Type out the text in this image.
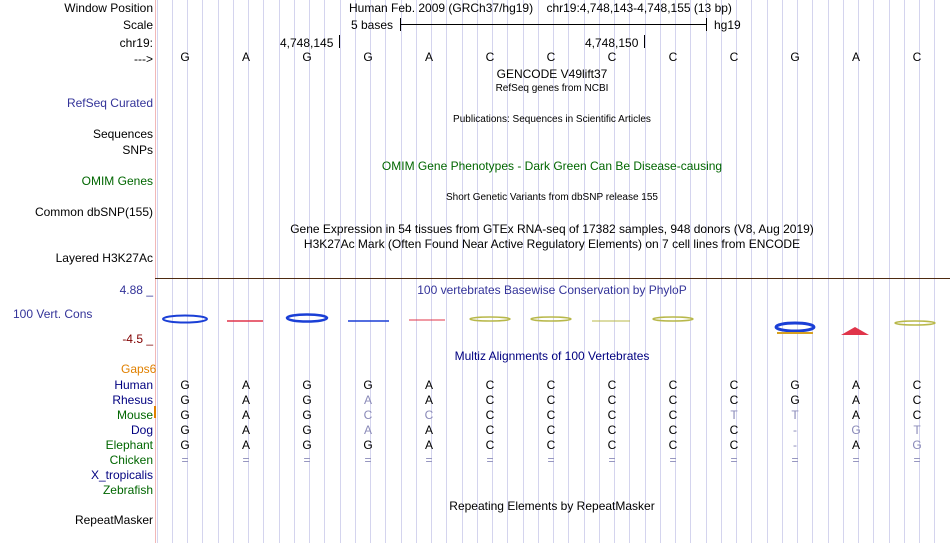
Window Position	Human Feb. 2009 (GRCh37/hg19)    chr19:4,748,143-4,748,155 (13 bp)
Scale	5 bases	hg19
chr19:	4,748,145	4,748,150
---> G	A	G	G	A	C	C	C	C	C	G	A	C
GENCODE V49lift37
RefSeq genes from NCBI
RefSeq Curated
Publications: Sequences in Scientific Articles
Sequences
SNPs
OMIM Gene Phenotypes - Dark Green Can Be Disease-causing
OMIM Genes
Short Genetic Variants from dbSNP release 155
Common dbSNP(155)
Gene Expression in 54 tissues from GTEx RNA-seq of 17382 samples, 948 donors (V8, Aug 2019)
H3K27Ac Mark (Often Found Near Active Regulatory Elements) on 7 cell lines from ENCODE
Layered H3K27Ac
4.88 _	100 vertebrates Basewise Conservation by PhyloP
100 Vert. Cons
-4.5 _
Gaps6
Multiz Alignments of 100 Vertebrates
Human G	A	G	G	A	C	C	C	C	C	G	A	C
Rhesus G	A	G	A	A	C	C	C	C	C	G	A	C
Mouse G	A	G	C	C	C	C	C	C	T	T	A	C
Dog G	A	G	A	A	C	C	C	C	C	-	G	T
Elephant G	A	G	G	A	C	C	C	C	C	-	A	G
Chicken =	=	=	=	=	=	=	=	=	=	=	=	=
X_tropicalis
Zebrafish
Repeating Elements by RepeatMasker
RepeatMasker
